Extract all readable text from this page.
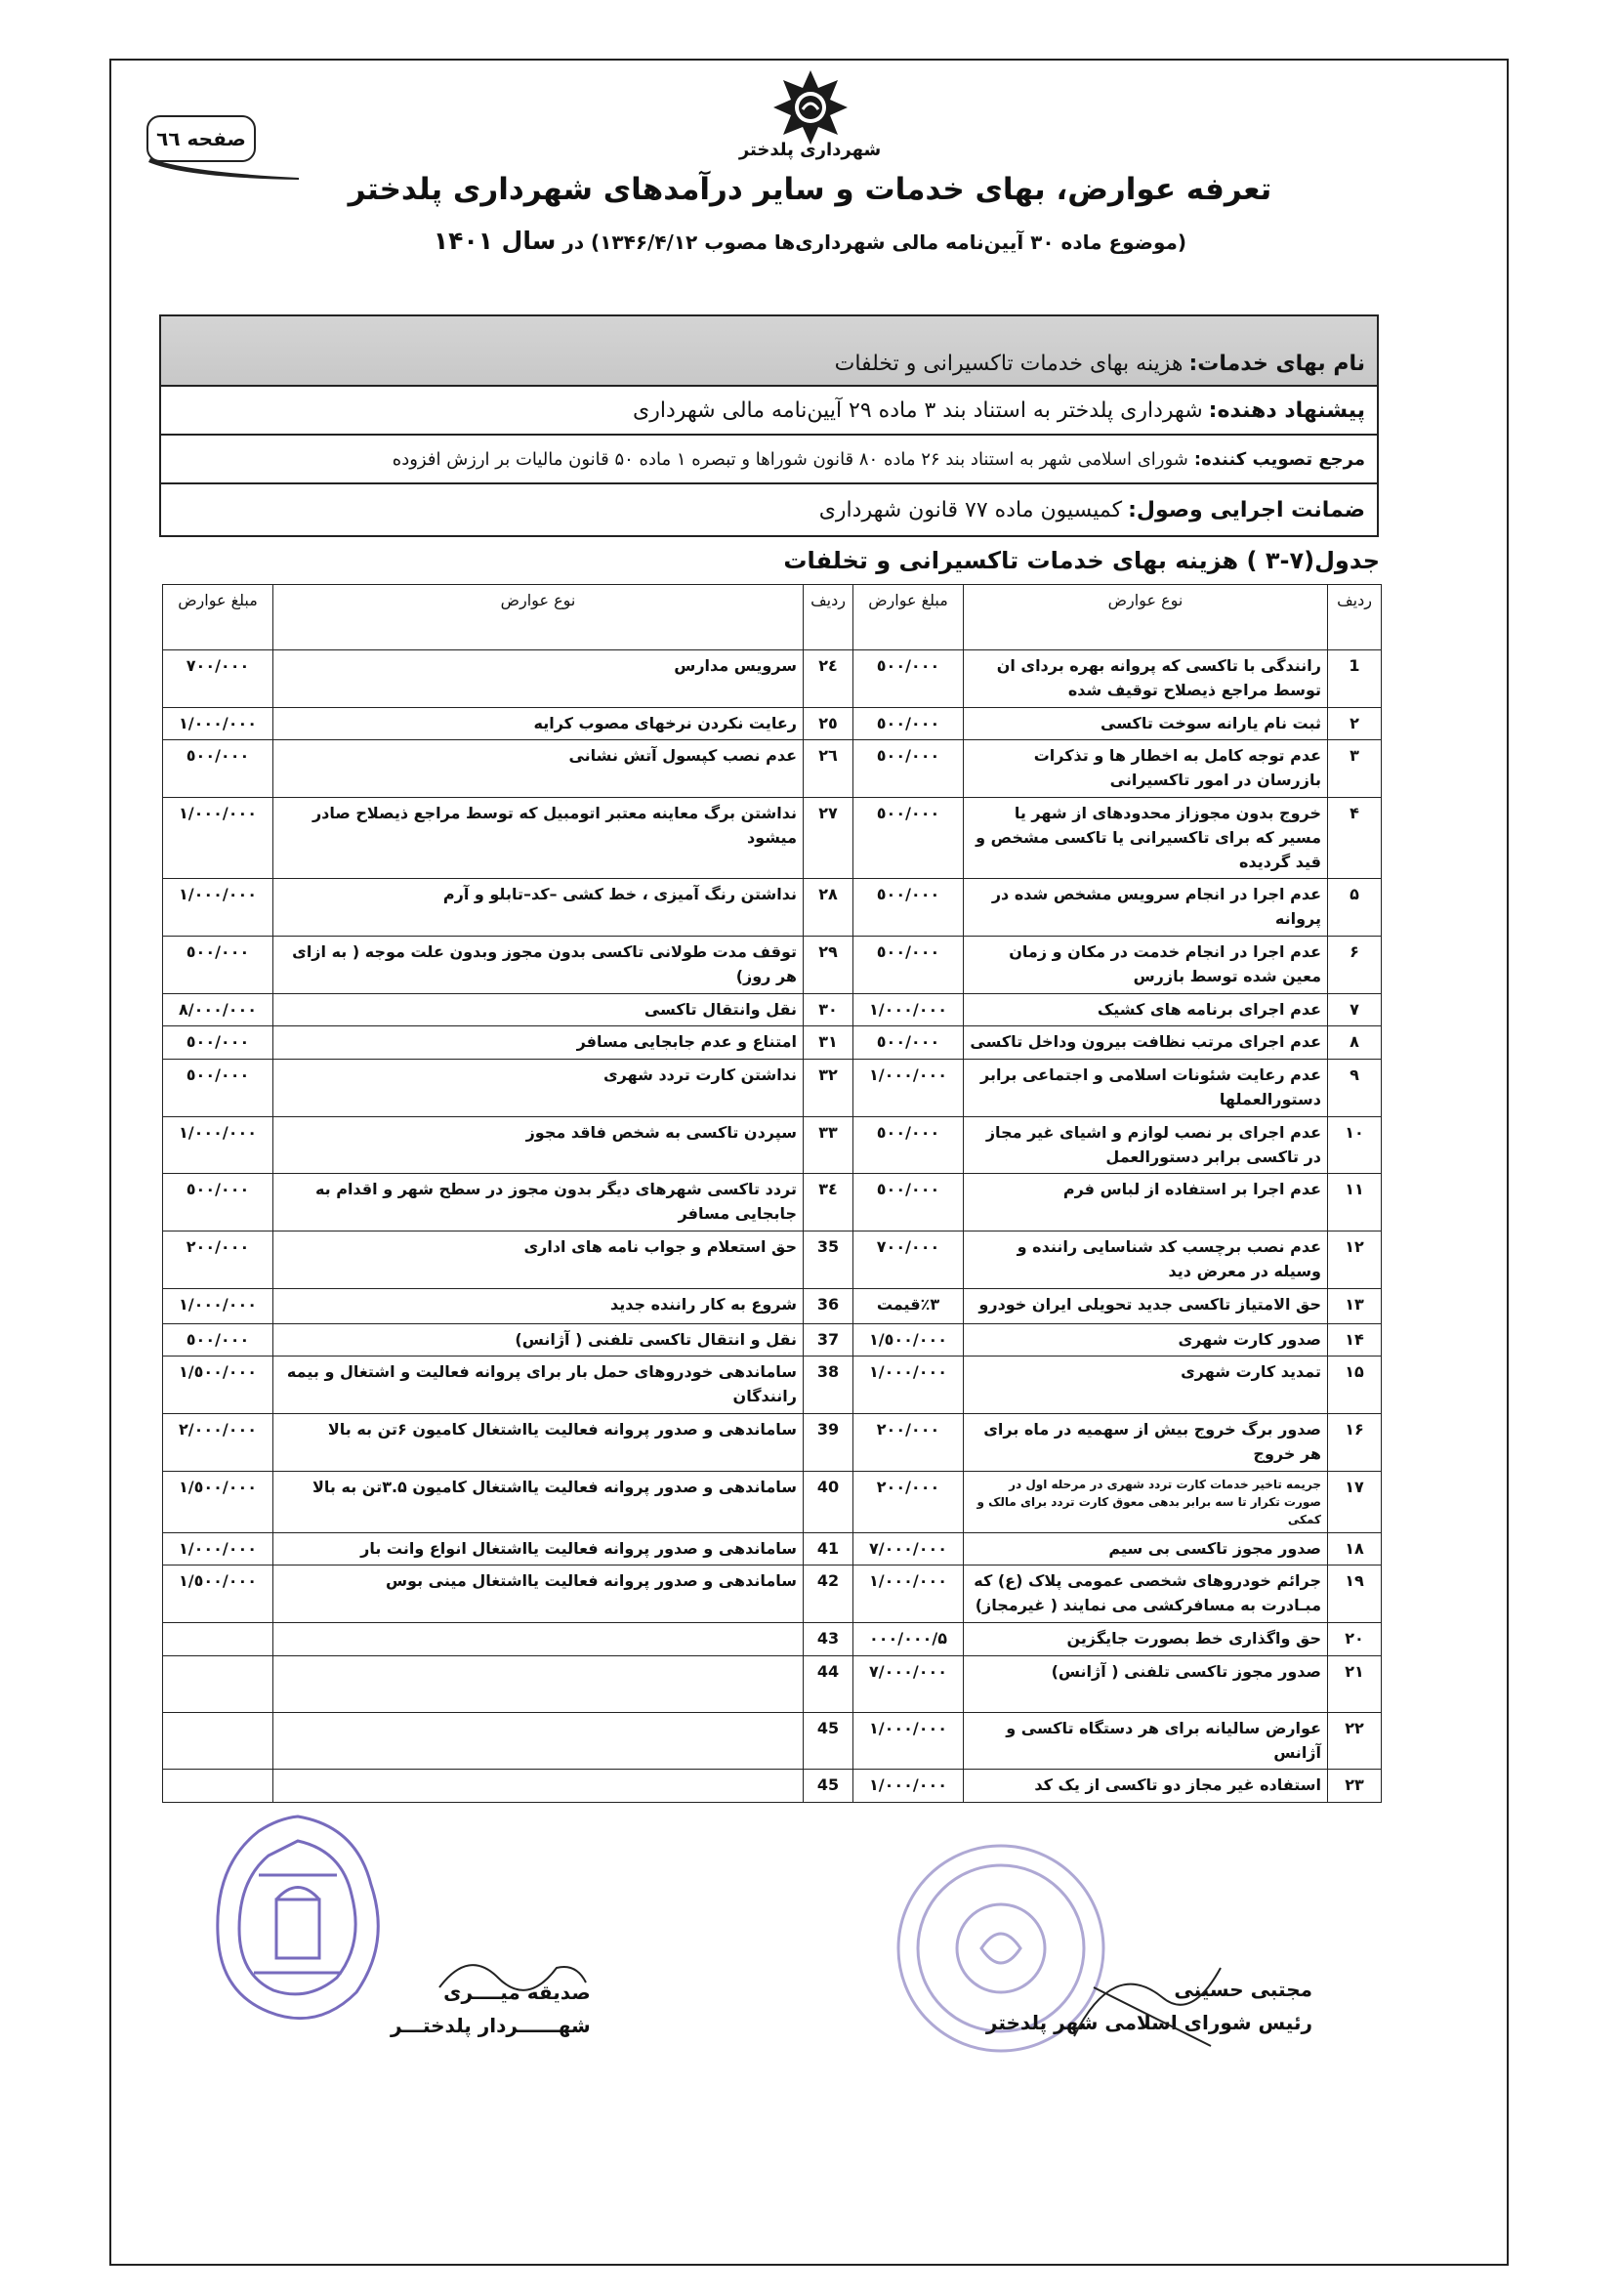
صفحه ٦٦	شهرداری پلدختر
تعرفه عوارض، بهای خدمات و سایر درآمدهای شهرداری پلدختر
(موضوع ماده ٣٠ آیین‌نامه مالی شهرداری‌ها مصوب ١٣۴۶/۴/١٢) در سال ١۴٠١
نام بهای خدمات:
هزینه بهای خدمات تاکسیرانی و تخلفات
پیشنهاد دهنده:
شهرداری پلدختر به استناد بند ٣ ماده ٢٩ آیین‌نامه مالی شهرداری
مرجع تصویب کننده:
شورای اسلامی شهر به استناد بند ٢۶ ماده ٨٠ قانون شوراها و تبصره ١ ماده ۵٠ قانون مالیات بر ارزش افزوده
ضمانت اجرایی وصول:
کمیسیون ماده ٧٧ قانون شهرداری
جدول(٧-٣ ) هزینه بهای خدمات تاکسیرانی و تخلفات
ردیف	نوع عوارض	مبلغ عوارض	ردیف	نوع عوارض	مبلغ عوارض
1	رانندگی با تاکسی که پروانه بهره بردای ان توسط مراجع ذیصلاح توقیف شده	٥٠٠/٠٠٠	٢٤	سرویس مدارس	٧٠٠/٠٠٠
٢	ثبت نام یارانه سوخت تاکسی	٥٠٠/٠٠٠	٢٥	رعایت نکردن نرخهای مصوب کرایه	١/٠٠٠/٠٠٠
٣	عدم توجه کامل به اخطار ها و تذکرات بازرسان در امور تاکسیرانی	٥٠٠/٠٠٠	٢٦	عدم نصب کپسول آتش نشانی	٥٠٠/٠٠٠
۴	خروج بدون مجوزاز محدودهای از شهر یا مسیر که برای تاکسیرانی یا تاکسی مشخص و قید گردیده	٥٠٠/٠٠٠	٢٧	نداشتن برگ معاینه معتبر اتومبیل که توسط مراجع ذیصلاح صادر میشود	١/٠٠٠/٠٠٠
۵	عدم اجرا در انجام سرویس مشخص شده در پروانه	٥٠٠/٠٠٠	٢٨	نداشتن رنگ آمیزی ، خط کشی –کد–تابلو و آرم	١/٠٠٠/٠٠٠
۶	عدم اجرا در انجام خدمت در مکان و زمان معین شده توسط بازرس	٥٠٠/٠٠٠	٢٩	توقف مدت طولانی تاکسی بدون مجوز وبدون علت موجه ( به ازای هر روز)	٥٠٠/٠٠٠
٧	عدم اجرای برنامه های کشیک	١/٠٠٠/٠٠٠	٣٠	نقل وانتقال تاکسی	٨/٠٠٠/٠٠٠
٨	عدم اجرای مرتب نظافت بیرون وداخل تاکسی	٥٠٠/٠٠٠	٣١	امتناع و عدم جابجایی مسافر	٥٠٠/٠٠٠
٩	عدم رعایت شئونات اسلامی و اجتماعی برابر دستورالعملها	١/٠٠٠/٠٠٠	٣٢	نداشتن کارت تردد شهری	٥٠٠/٠٠٠
١٠	عدم اجرای بر نصب لوازم و اشیای غیر مجاز در تاکسی برابر دستورالعمل	٥٠٠/٠٠٠	٣٣	سپردن تاکسی به شخص فاقد مجوز	١/٠٠٠/٠٠٠
١١	عدم اجرا بر استفاده از لباس فرم	٥٠٠/٠٠٠	٣٤	تردد تاکسی شهرهای دیگر بدون مجوز در سطح شهر و اقدام به جابجایی مسافر	٥٠٠/٠٠٠
١٢	عدم نصب برچسب کد شناسایی راننده و وسیله در معرض دید	٧٠٠/٠٠٠	35	حق استعلام و جواب نامه های اداری	٢٠٠/٠٠٠
١٣	حق الامتیاز تاکسی جدید تحویلی ایران خودرو	٣٪قیمت	36	شروع به کار راننده جدید	١/٠٠٠/٠٠٠
١۴	صدور کارت شهری	١/٥٠٠/٠٠٠	37	نقل و انتقال تاکسی تلفنی ( آژانس)	٥٠٠/٠٠٠
١۵	تمدید کارت شهری	١/٠٠٠/٠٠٠	38	ساماندهی خودروهای حمل بار برای پروانه فعالیت و اشتغال و بیمه رانندگان	١/٥٠٠/٠٠٠
١۶	صدور برگ خروج بیش از سهمیه در ماه برای هر خروج	٢٠٠/٠٠٠	39	ساماندهی و صدور پروانه فعالیت یااشتغال کامیون ۶تن به بالا	٢/٠٠٠/٠٠٠
١٧	جریمه تاخیر خدمات کارت تردد شهری در مرحله اول در صورت تکرار تا سه برابر بدهی معوق کارت تردد برای مالک و کمکی	٢٠٠/٠٠٠	40	ساماندهی و صدور پروانه فعالیت یااشتغال کامیون ٣.۵تن به بالا	١/٥٠٠/٠٠٠
١٨	صدور مجوز تاکسی بی سیم	٧/٠٠٠/٠٠٠	41	ساماندهی و صدور پروانه فعالیت یااشتغال انواع وانت بار	١/٠٠٠/٠٠٠
١٩	جرائم خودروهای شخصی عمومی پلاک (ع) که مبـادرت به مسافرکشی می نمایند ( غیرمجاز)	١/٠٠٠/٠٠٠	42	ساماندهی و صدور پروانه فعالیت یااشتغال مینی بوس	١/٥٠٠/٠٠٠
٢٠	حق واگذاری خط بصورت جایگزین	۵/٠٠٠/٠٠٠	43		
٢١	صدور مجوز تاکسی تلفنی ( آژانس)	٧/٠٠٠/٠٠٠	44		
٢٢	عوارض سالیانه برای هر دستگاه تاکسی و آژانس	١/٠٠٠/٠٠٠	45		
٢٣	استفاده غیر مجاز دو تاکسی از یک کد	١/٠٠٠/٠٠٠	45		
صدیقه میــــری
شهــــــردار پلدختـــر
مجتبی حسینی
رئیس شورای اسلامی شهر پلدختر
